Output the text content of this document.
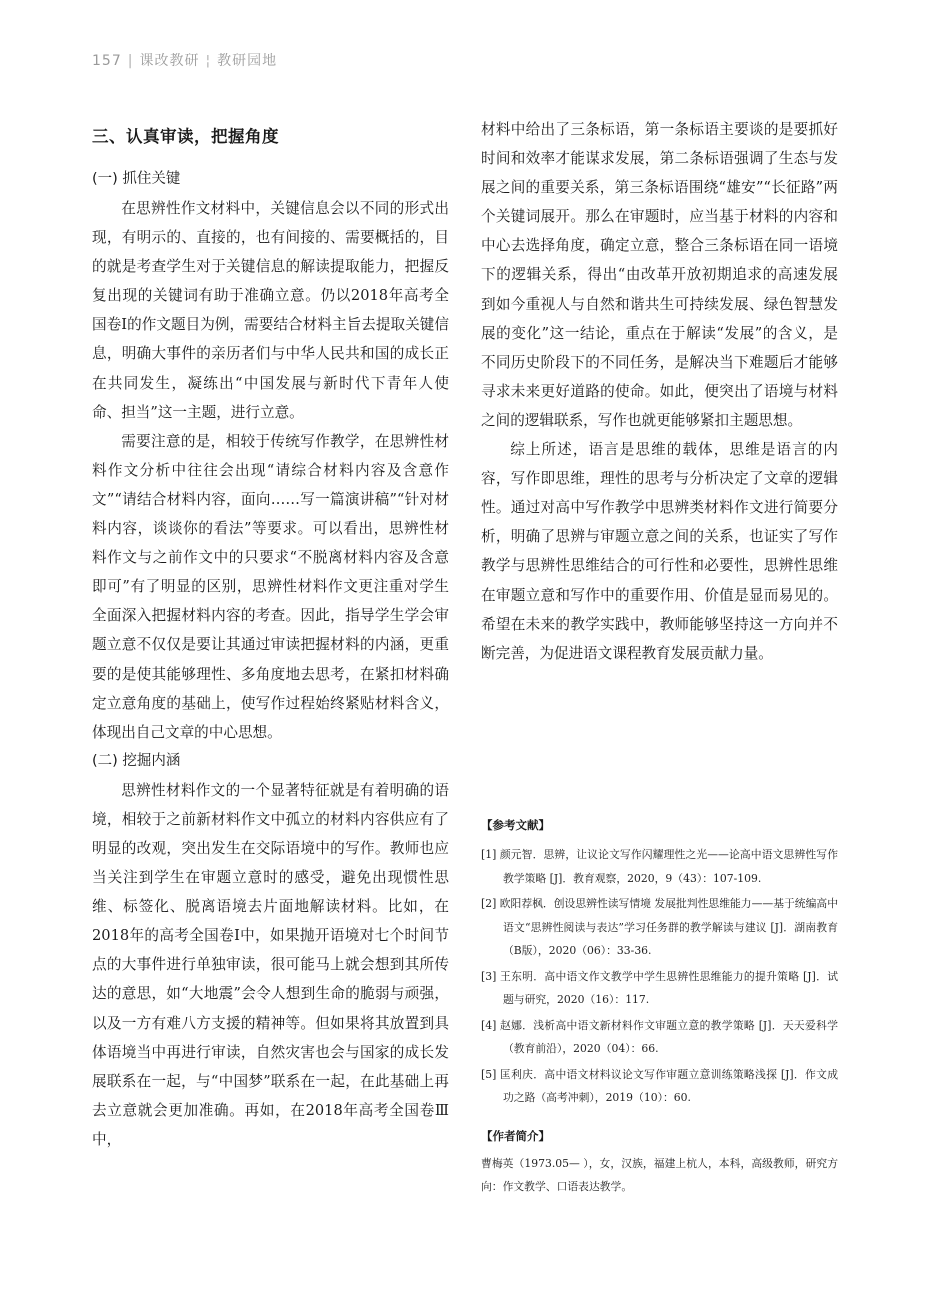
157 | 课改教研 ¦ 教研园地
三、认真审读，把握角度

(一) 抓住关键

在思辨性作文材料中，关键信息会以不同的形式出现，有明示的、直接的，也有间接的、需要概括的，目的就是考查学生对于关键信息的解读提取能力，把握反复出现的关键词有助于准确立意。仍以2018年高考全国卷Ⅰ的作文题目为例，需要结合材料主旨去提取关键信息，明确大事件的亲历者们与中华人民共和国的成长正在共同发生，凝练出“中国发展与新时代下青年人使命、担当”这一主题，进行立意。

需要注意的是，相较于传统写作教学，在思辨性材料作文分析中往往会出现“请综合材料内容及含意作文”“请结合材料内容，面向……写一篇演讲稿”“针对材料内容，谈谈你的看法”等要求。可以看出，思辨性材料作文与之前作文中的只要求“不脱离材料内容及含意即可”有了明显的区别，思辨性材料作文更注重对学生全面深入把握材料内容的考查。因此，指导学生学会审题立意不仅仅是要让其通过审读把握材料的内涵，更重要的是使其能够理性、多角度地去思考，在紧扣材料确定立意角度的基础上，使写作过程始终紧贴材料含义，体现出自己文章的中心思想。

(二) 挖掘内涵

思辨性材料作文的一个显著特征就是有着明确的语境，相较于之前新材料作文中孤立的材料内容供应有了明显的改观，突出发生在交际语境中的写作。教师也应当关注到学生在审题立意时的感受，避免出现惯性思维、标签化、脱离语境去片面地解读材料。比如，在2018年的高考全国卷Ⅰ中，如果抛开语境对七个时间节点的大事件进行单独审读，很可能马上就会想到其所传达的意思，如“大地震”会令人想到生命的脆弱与顽强，以及一方有难八方支援的精神等。但如果将其放置到具体语境当中再进行审读，自然灾害也会与国家的成长发展联系在一起，与“中国梦”联系在一起，在此基础上再去立意就会更加准确。再如，在2018年高考全国卷Ⅲ中，

材料中给出了三条标语，第一条标语主要谈的是要抓好时间和效率才能谋求发展，第二条标语强调了生态与发展之间的重要关系，第三条标语围绕“雄安”“长征路”两个关键词展开。那么在审题时，应当基于材料的内容和中心去选择角度，确定立意，整合三条标语在同一语境下的逻辑关系，得出“由改革开放初期追求的高速发展到如今重视人与自然和谐共生可持续发展、绿色智慧发展的变化”这一结论，重点在于解读“发展”的含义，是不同历史阶段下的不同任务，是解决当下难题后才能够寻求未来更好道路的使命。如此，便突出了语境与材料之间的逻辑联系，写作也就更能够紧扣主题思想。

综上所述，语言是思维的载体，思维是语言的内容，写作即思维，理性的思考与分析决定了文章的逻辑性。通过对高中写作教学中思辨类材料作文进行简要分析，明确了思辨与审题立意之间的关系，也证实了写作教学与思辨性思维结合的可行性和必要性，思辨性思维在审题立意和写作中的重要作用、价值是显而易见的。希望在未来的教学实践中，教师能够坚持这一方向并不断完善，为促进语文课程教育发展贡献力量。

【参考文献】

[1] 颜元智．思辨，让议论文写作闪耀理性之光——论高中语文思辨性写作教学策略 [J]．教育观察，2020，9（43）：107-109.

[2] 欧阳荐枫．创设思辨性读写情境 发展批判性思维能力——基于统编高中语文“思辨性阅读与表达”学习任务群的教学解读与建议 [J]．湖南教育（B版），2020（06）：33-36.

[3] 王东明．高中语文作文教学中学生思辨性思维能力的提升策略 [J]．试题与研究，2020（16）：117.

[4] 赵娜．浅析高中语文新材料作文审题立意的教学策略 [J]．天天爱科学（教育前沿），2020（04）：66.

[5] 匡利庆．高中语文材料议论文写作审题立意训练策略浅探 [J]．作文成功之路（高考冲刺），2019（10）：60.

【作者简介】

曹梅英（1973.05— ），女，汉族，福建上杭人，本科，高级教师，研究方向：作文教学、口语表达教学。
